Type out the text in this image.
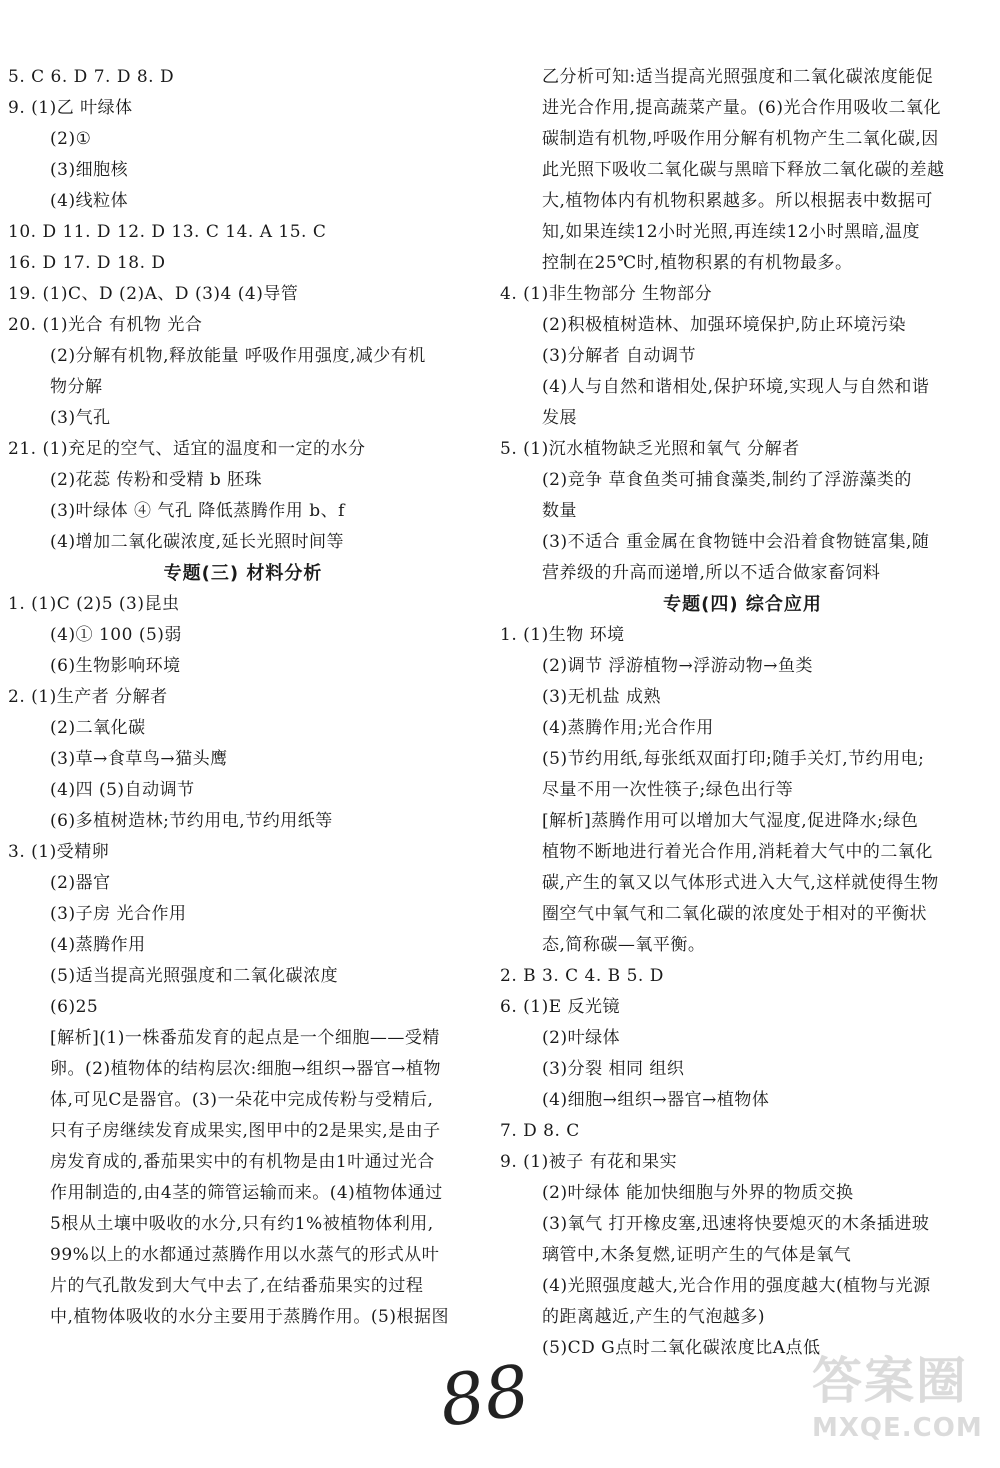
5. C 6. D 7. D 8. D
9. (1)乙 叶绿体
(2)①
(3)细胞核
(4)线粒体
10. D 11. D 12. D 13. C 14. A 15. C
16. D 17. D 18. D
19. (1)C、D (2)A、D (3)4 (4)导管
20. (1)光合 有机物 光合
(2)分解有机物,释放能量 呼吸作用强度,减少有机
物分解
(3)气孔
21. (1)充足的空气、适宜的温度和一定的水分
(2)花蕊 传粉和受精 b 胚珠
(3)叶绿体 ④ 气孔 降低蒸腾作用 b、f
(4)增加二氧化碳浓度,延长光照时间等
专题(三) 材料分析
1. (1)C (2)5 (3)昆虫
(4)① 100 (5)弱
(6)生物影响环境
2. (1)生产者 分解者
(2)二氧化碳
(3)草→食草鸟→猫头鹰
(4)四 (5)自动调节
(6)多植树造林;节约用电,节约用纸等
3. (1)受精卵
(2)器官
(3)子房 光合作用
(4)蒸腾作用
(5)适当提高光照强度和二氧化碳浓度
(6)25
[解析](1)一株番茄发育的起点是一个细胞——受精
卵。(2)植物体的结构层次:细胞→组织→器官→植物
体,可见C是器官。(3)一朵花中完成传粉与受精后,
只有子房继续发育成果实,图甲中的2是果实,是由子
房发育成的,番茄果实中的有机物是由1叶通过光合
作用制造的,由4茎的筛管运输而来。(4)植物体通过
5根从土壤中吸收的水分,只有约1%被植物体利用,
99%以上的水都通过蒸腾作用以水蒸气的形式从叶
片的气孔散发到大气中去了,在结番茄果实的过程
中,植物体吸收的水分主要用于蒸腾作用。(5)根据图
乙分析可知:适当提高光照强度和二氧化碳浓度能促
进光合作用,提高蔬菜产量。(6)光合作用吸收二氧化
碳制造有机物,呼吸作用分解有机物产生二氧化碳,因
此光照下吸收二氧化碳与黑暗下释放二氧化碳的差越
大,植物体内有机物积累越多。所以根据表中数据可
知,如果连续12小时光照,再连续12小时黑暗,温度
控制在25℃时,植物积累的有机物最多。
4. (1)非生物部分 生物部分
(2)积极植树造林、加强环境保护,防止环境污染
(3)分解者 自动调节
(4)人与自然和谐相处,保护环境,实现人与自然和谐
发展
5. (1)沉水植物缺乏光照和氧气 分解者
(2)竞争 草食鱼类可捕食藻类,制约了浮游藻类的
数量
(3)不适合 重金属在食物链中会沿着食物链富集,随
营养级的升高而递增,所以不适合做家畜饲料
专题(四) 综合应用
1. (1)生物 环境
(2)调节 浮游植物→浮游动物→鱼类
(3)无机盐 成熟
(4)蒸腾作用;光合作用
(5)节约用纸,每张纸双面打印;随手关灯,节约用电;
尽量不用一次性筷子;绿色出行等
[解析]蒸腾作用可以增加大气湿度,促进降水;绿色
植物不断地进行着光合作用,消耗着大气中的二氧化
碳,产生的氧又以气体形式进入大气,这样就使得生物
圈空气中氧气和二氧化碳的浓度处于相对的平衡状
态,简称碳—氧平衡。
2. B 3. C 4. B 5. D
6. (1)E 反光镜
(2)叶绿体
(3)分裂 相同 组织
(4)细胞→组织→器官→植物体
7. D 8. C
9. (1)被子 有花和果实
(2)叶绿体 能加快细胞与外界的物质交换
(3)氧气 打开橡皮塞,迅速将快要熄灭的木条插进玻
璃管中,木条复燃,证明产生的气体是氧气
(4)光照强度越大,光合作用的强度越大(植物与光源
的距离越近,产生的气泡越多)
(5)CD G点时二氧化碳浓度比A点低
88	答案圈
MXQE.COM
